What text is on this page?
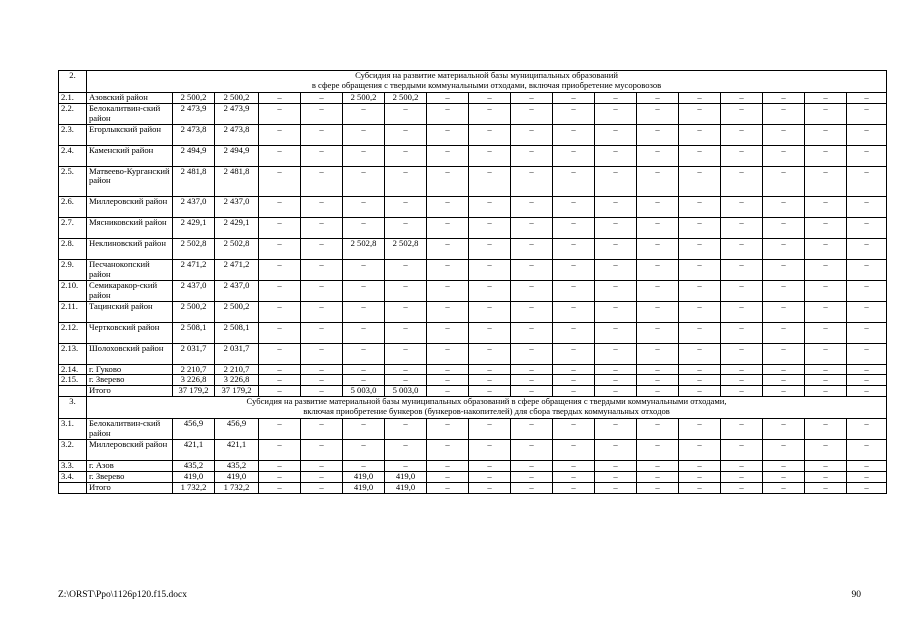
2.	Субсидия на развитие материальной базы муниципальных образований
в сфере обращения с твердыми коммунальными отходами, включая приобретение мусоровозов																	

2.1.	Азовский район	2 500,2	2 500,2	–	–	2 500,2	2 500,2	–	–	–	–	–	–	–	–	–	–	–
2.2.	Белокалитвин-ский район	2 473,9	2 473,9	–	–	–	–	–	–	–	–	–	–	–	–	–	–	–
2.3.	Егорлыкский район	2 473,8	2 473,8	–	–	–	–	–	–	–	–	–	–	–	–	–	–	–
2.4.	Каменский район	2 494,9	2 494,9	–	–	–	–	–	–	–	–	–	–	–	–	–	–	–
2.5.	Матвеево-Курганский район	2 481,8	2 481,8	–	–	–	–	–	–	–	–	–	–	–	–	–	–	–
2.6.	Миллеровский район	2 437,0	2 437,0	–	–	–	–	–	–	–	–	–	–	–	–	–	–	–
2.7.	Мясниковский район	2 429,1	2 429,1	–	–	–	–	–	–	–	–	–	–	–	–	–	–	–
2.8.	Неклиновский район	2 502,8	2 502,8	–	–	2 502,8	2 502,8	–	–	–	–	–	–	–	–	–	–	–
2.9.	Песчанокопский район	2 471,2	2 471,2	–	–	–	–	–	–	–	–	–	–	–	–	–	–	–
2.10.	Семикаракор-ский район	2 437,0	2 437,0	–	–	–	–	–	–	–	–	–	–	–	–	–	–	–
2.11.	Тацинский район	2 500,2	2 500,2	–	–	–	–	–	–	–	–	–	–	–	–	–	–	–
2.12.	Чертковский район	2 508,1	2 508,1	–	–	–	–	–	–	–	–	–	–	–	–	–	–	–
2.13.	Шолоховский район	2 031,7	2 031,7	–	–	–	–	–	–	–	–	–	–	–	–	–	–	–
2.14.	г. Гуково	2 210,7	2 210,7	–	–	–	–	–	–	–	–	–	–	–	–	–	–	–
2.15.	г. Зверево	3 226,8	3 226,8	–	–	–	–	–	–	–	–	–	–	–	–	–	–	–
	Итого	37 179,2	37 179,2	–	–	5 003,0	5 003,0	–	–	–	–	–	–	–	–	–	–	–
3.	Субсидия на развитие материальной базы муниципальных образований в сфере обращения с твердыми коммунальными отходами,
включая приобретение бункеров (бункеров-накопителей) для сбора твердых коммунальных отходов																	

3.1.	Белокалитвин-ский район	456,9	456,9	–	–	–	–	–	–	–	–	–	–	–	–	–	–	–
3.2.	Миллеровский район	421,1	421,1	–	–	–	–	–	–	–	–	–	–	–	–	–	–	–
3.3.	г. Азов	435,2	435,2	–	–	–	–	–	–	–	–	–	–	–	–	–	–	–
3.4.	г. Зверево	419,0	419,0	–	–	419,0	419,0	–	–	–	–	–	–	–	–	–	–	–
	Итого	1 732,2	1 732,2	–	–	419,0	419,0	–	–	–	–	–	–	–	–	–	–	–
Z:\ORST\Ppo\1126p120.f15.docx	90
